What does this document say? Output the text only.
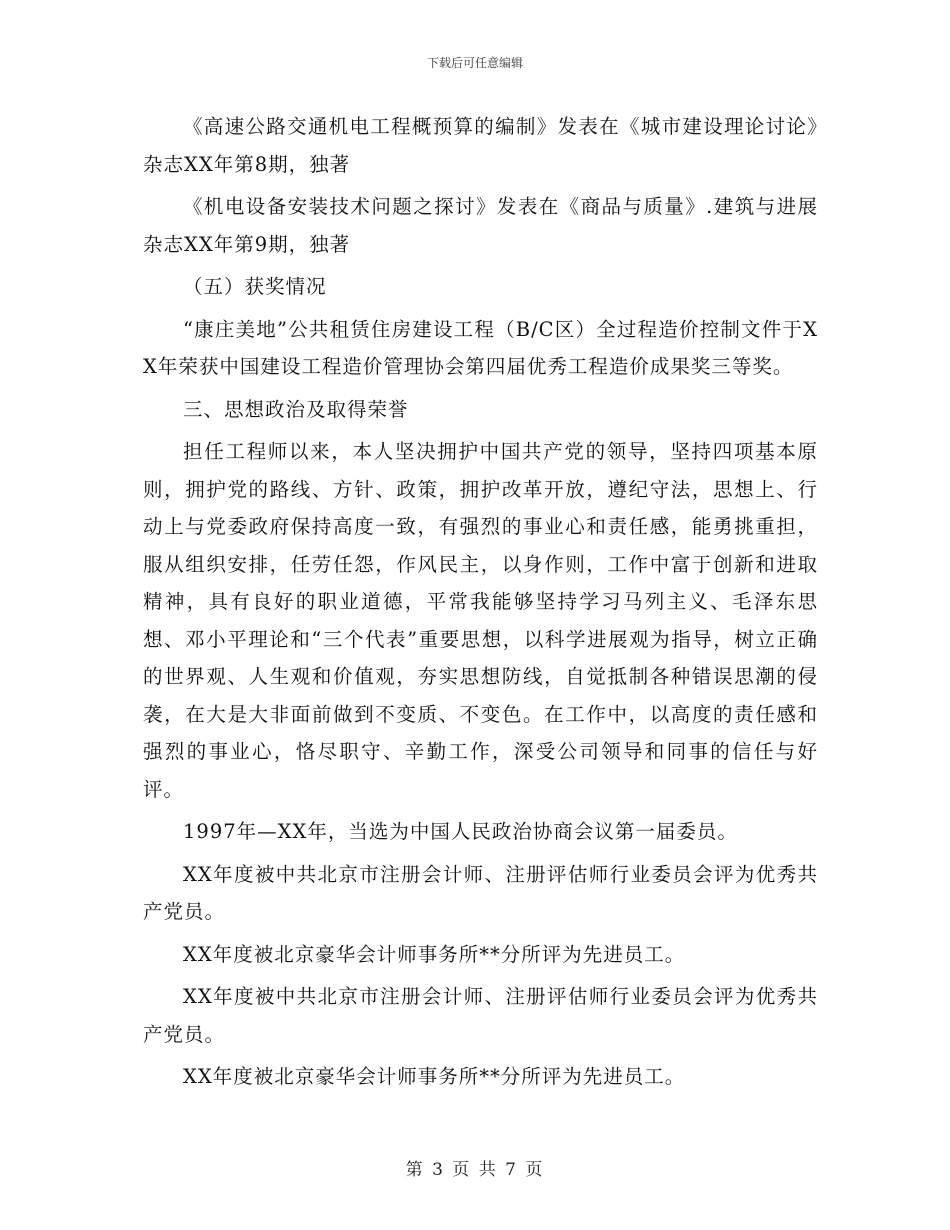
下载后可任意编辑

《高速公路交通机电工程概预算的编制》发表在《城市建设理论讨论》杂志XX年第8期，独著

《机电设备安装技术问题之探讨》发表在《商品与质量》.建筑与进展杂志XX年第9期，独著

（五）获奖情况

“康庄美地”公共租赁住房建设工程（B/C区）全过程造价控制文件于XX年荣获中国建设工程造价管理协会第四届优秀工程造价成果奖三等奖。

三、思想政治及取得荣誉

担任工程师以来，本人坚决拥护中国共产党的领导，坚持四项基本原则，拥护党的路线、方针、政策，拥护改革开放，遵纪守法，思想上、行动上与党委政府保持高度一致，有强烈的事业心和责任感，能勇挑重担，服从组织安排，任劳任怨，作风民主，以身作则，工作中富于创新和进取精神，具有良好的职业道德，平常我能够坚持学习马列主义、毛泽东思想、邓小平理论和“三个代表”重要思想，以科学进展观为指导，树立正确的世界观、人生观和价值观，夯实思想防线，自觉抵制各种错误思潮的侵袭，在大是大非面前做到不变质、不变色。在工作中，以高度的责任感和强烈的事业心，恪尽职守、辛勤工作，深受公司领导和同事的信任与好评。

1997年—XX年，当选为中国人民政治协商会议第一届委员。

XX年度被中共北京市注册会计师、注册评估师行业委员会评为优秀共产党员。

XX年度被北京豪华会计师事务所**分所评为先进员工。

XX年度被中共北京市注册会计师、注册评估师行业委员会评为优秀共产党员。

XX年度被北京豪华会计师事务所**分所评为先进员工。

第 3 页 共 7 页
